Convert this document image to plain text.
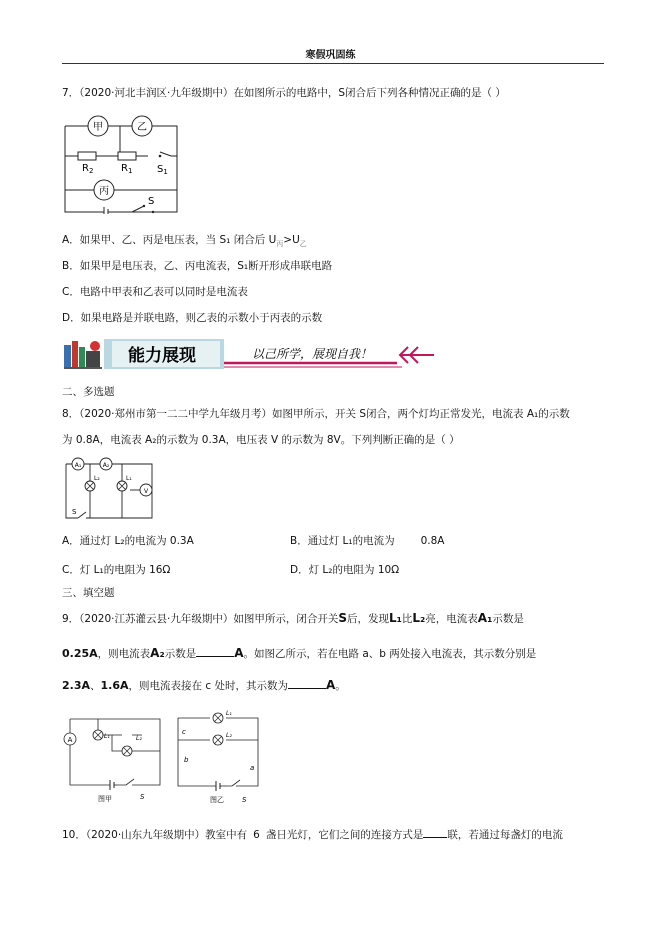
寒假巩固练
7．（2020·河北丰润区·九年级期中）在如图所示的电路中，S闭合后下列各种情况正确的是（ ）
甲	乙
丙
$R_2$	$R_1$ $S_1$
S
A．如果甲、乙、丙是电压表，当 S₁ 闭合后 $U_丙>U_乙$
B．如果甲是电压表，乙、丙电流表，S₁断开形成串联电路
C．电路中甲表和乙表可以同时是电流表
D．如果电路是并联电路，则乙表的示数小于丙表的示数
能力展现	以己所学，展现自我！
二、多选题
8．（2020·郑州市第一二二中学九年级月考）如图甲所示，开关 S闭合，两个灯均正常发光，电流表 A₁的示数
为 0.8A，电流表 A₂的示数为 0.3A，电压表 V 的示数为 8V。下列判断正确的是（ ）
A₁	A₂
V
L₁
L₂
S
A．通过灯 L₂的电流为 0.3A	B．通过灯 L₁的电流为 0.8A
C．灯 L₁的电阻为 16Ω	D．灯 L₂的电阻为 10Ω
三、填空题
9．（2020·江苏灌云县·九年级期中）如图甲所示，闭合开关S后，发现L₁比L₂亮，电流表A₁示数是
0.25A，则电流表A₂示数是	A。如图乙所示，若在电路 a、b 两处接入电流表，其示数分别是
2.3A、1.6A，则电流表接在 c 处时，其示数为	A。
A	L₁	L₂
S
图甲
L₁
L₂
c
b
a
S
图乙
10．（2020·山东九年级期中）教室中有 6 盏日光灯，它们之间的连接方式是 联，若通过每盏灯的电流
